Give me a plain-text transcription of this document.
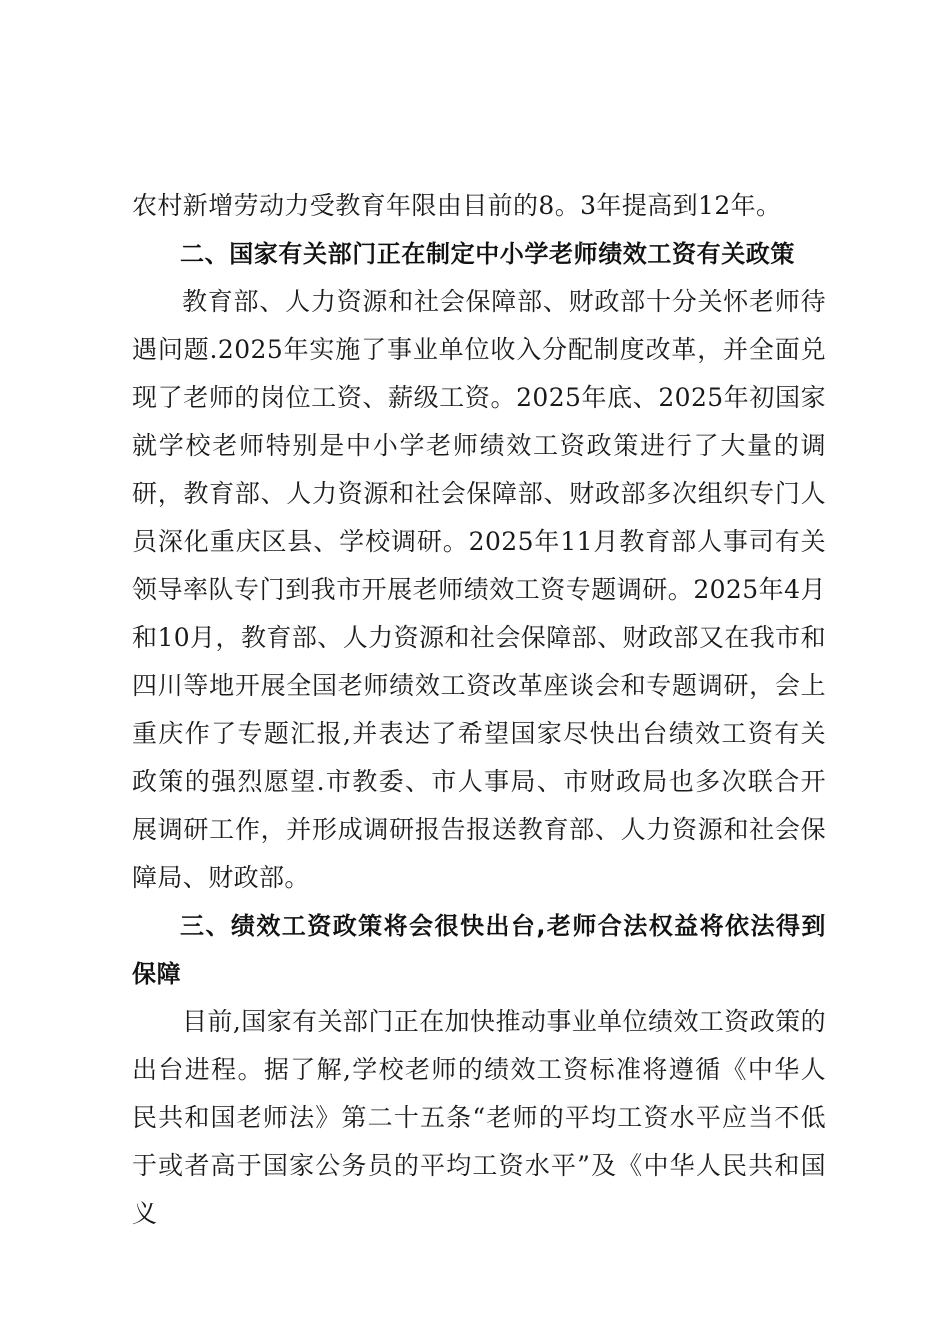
农村新增劳动力受教育年限由目前的8。3年提高到12年。

二、国家有关部门正在制定中小学老师绩效工资有关政策

教育部、人力资源和社会保障部、财政部十分关怀老师待遇问题.2025年实施了事业单位收入分配制度改革，并全面兑现了老师的岗位工资、薪级工资。2025年底、2025年初国家就学校老师特别是中小学老师绩效工资政策进行了大量的调研，教育部、人力资源和社会保障部、财政部多次组织专门人员深化重庆区县、学校调研。2025年11月教育部人事司有关领导率队专门到我市开展老师绩效工资专题调研。2025年4月和10月，教育部、人力资源和社会保障部、财政部又在我市和四川等地开展全国老师绩效工资改革座谈会和专题调研，会上重庆作了专题汇报,并表达了希望国家尽快出台绩效工资有关政策的强烈愿望.市教委、市人事局、市财政局也多次联合开展调研工作，并形成调研报告报送教育部、人力资源和社会保障局、财政部。

三、绩效工资政策将会很快出台,老师合法权益将依法得到保障

目前,国家有关部门正在加快推动事业单位绩效工资政策的出台进程。据了解,学校老师的绩效工资标准将遵循《中华人民共和国老师法》第二十五条“老师的平均工资水平应当不低于或者高于国家公务员的平均工资水平”及《中华人民共和国义
